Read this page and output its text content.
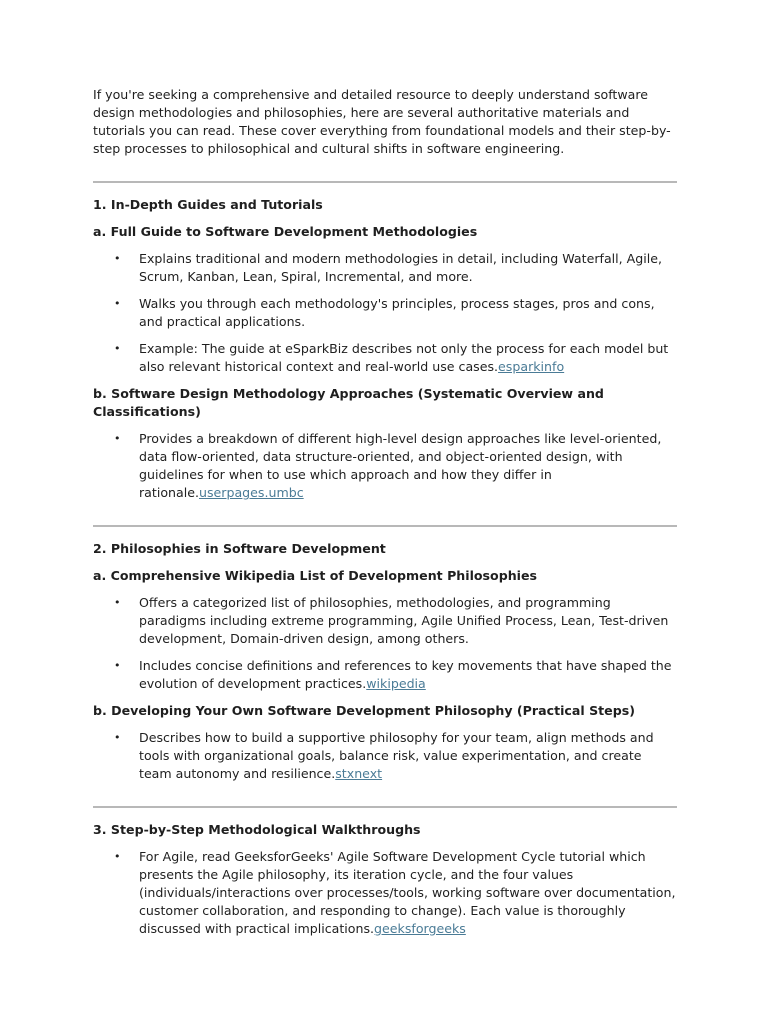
If you're seeking a comprehensive and detailed resource to deeply understand software design methodologies and philosophies, here are several authoritative materials and tutorials you can read. These cover everything from foundational models and their step-by-step processes to philosophical and cultural shifts in software engineering.

1. In-Depth Guides and Tutorials

a. Full Guide to Software Development Methodologies

• Explains traditional and modern methodologies in detail, including Waterfall, Agile, Scrum, Kanban, Lean, Spiral, Incremental, and more.
• Walks you through each methodology's principles, process stages, pros and cons, and practical applications.
• Example: The guide at eSparkBiz describes not only the process for each model but also relevant historical context and real-world use cases.esparkinfo

b. Software Design Methodology Approaches (Systematic Overview and Classifications)

• Provides a breakdown of different high-level design approaches like level-oriented, data flow-oriented, data structure-oriented, and object-oriented design, with guidelines for when to use which approach and how they differ in rationale.userpages.umbc

2. Philosophies in Software Development

a. Comprehensive Wikipedia List of Development Philosophies

• Offers a categorized list of philosophies, methodologies, and programming paradigms including extreme programming, Agile Unified Process, Lean, Test-driven development, Domain-driven design, among others.
• Includes concise definitions and references to key movements that have shaped the evolution of development practices.wikipedia

b. Developing Your Own Software Development Philosophy (Practical Steps)

• Describes how to build a supportive philosophy for your team, align methods and tools with organizational goals, balance risk, value experimentation, and create team autonomy and resilience.stxnext

3. Step-by-Step Methodological Walkthroughs

• For Agile, read GeeksforGeeks' Agile Software Development Cycle tutorial which presents the Agile philosophy, its iteration cycle, and the four values (individuals/interactions over processes/tools, working software over documentation, customer collaboration, and responding to change). Each value is thoroughly discussed with practical implications.geeksforgeeks
